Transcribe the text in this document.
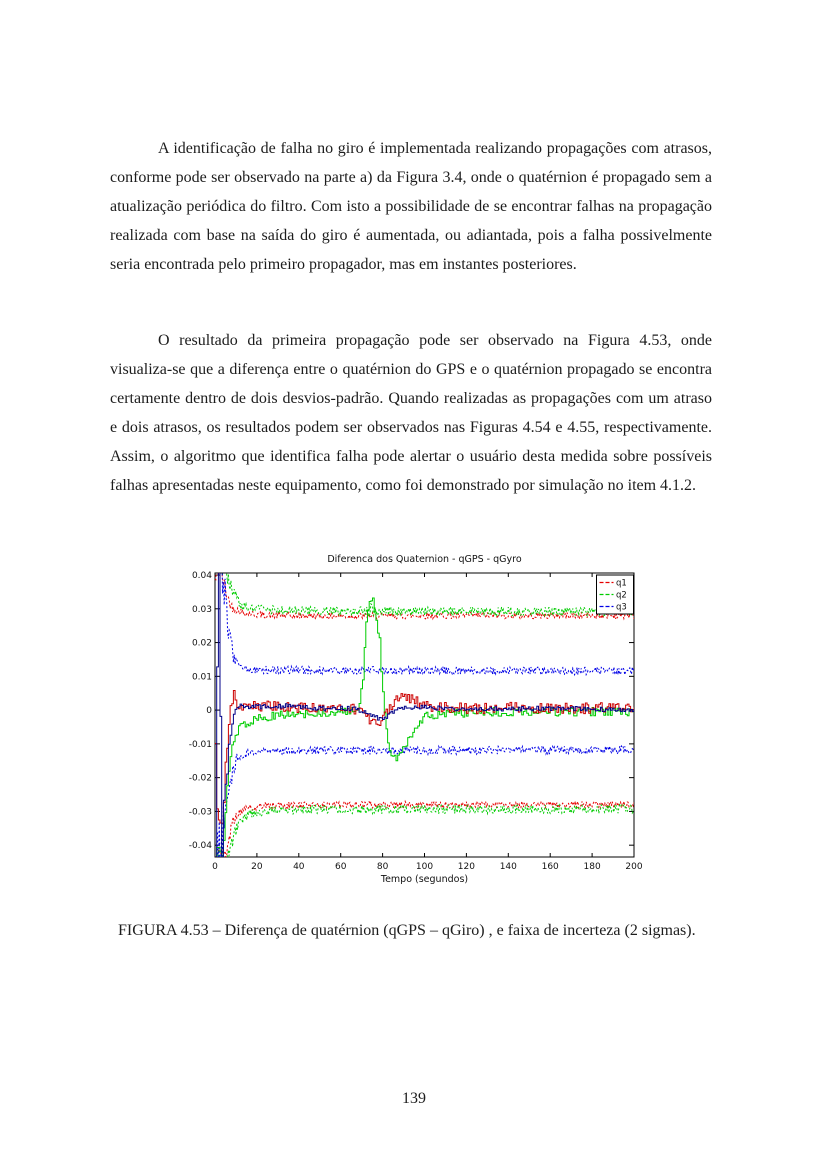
A identificação de falha no giro é implementada realizando propagações com atrasos, conforme pode ser observado na parte a) da Figura 3.4, onde o quatérnion é propagado sem a atualização periódica do filtro. Com isto a possibilidade de se encontrar falhas na propagação realizada com base na saída do giro é aumentada, ou adiantada, pois a falha possivelmente seria encontrada pelo primeiro propagador, mas em instantes posteriores.

O resultado da primeira propagação pode ser observado na Figura 4.53, onde visualiza-se que a diferença entre o quatérnion do GPS e o quatérnion propagado se encontra certamente dentro de dois desvios-padrão. Quando realizadas as propagações com um atraso e dois atrasos, os resultados podem ser observados nas Figuras 4.54 e 4.55, respectivamente. Assim, o algoritmo que identifica falha pode alertar o usuário desta medida sobre possíveis falhas apresentadas neste equipamento, como foi demonstrado por simulação no item 4.1.2.

Diferenca dos Quaternion - qGPS - qGyro
0	20	40	60	80	100	120	140	160	180	200
0.04
0.03
0.02
0.01
0
-0.01
-0.02
-0.03
-0.04
Tempo (segundos)
q1
q2
q3

FIGURA 4.53 – Diferença de quatérnion (qGPS – qGiro) , e faixa de incerteza (2 sigmas).

139
